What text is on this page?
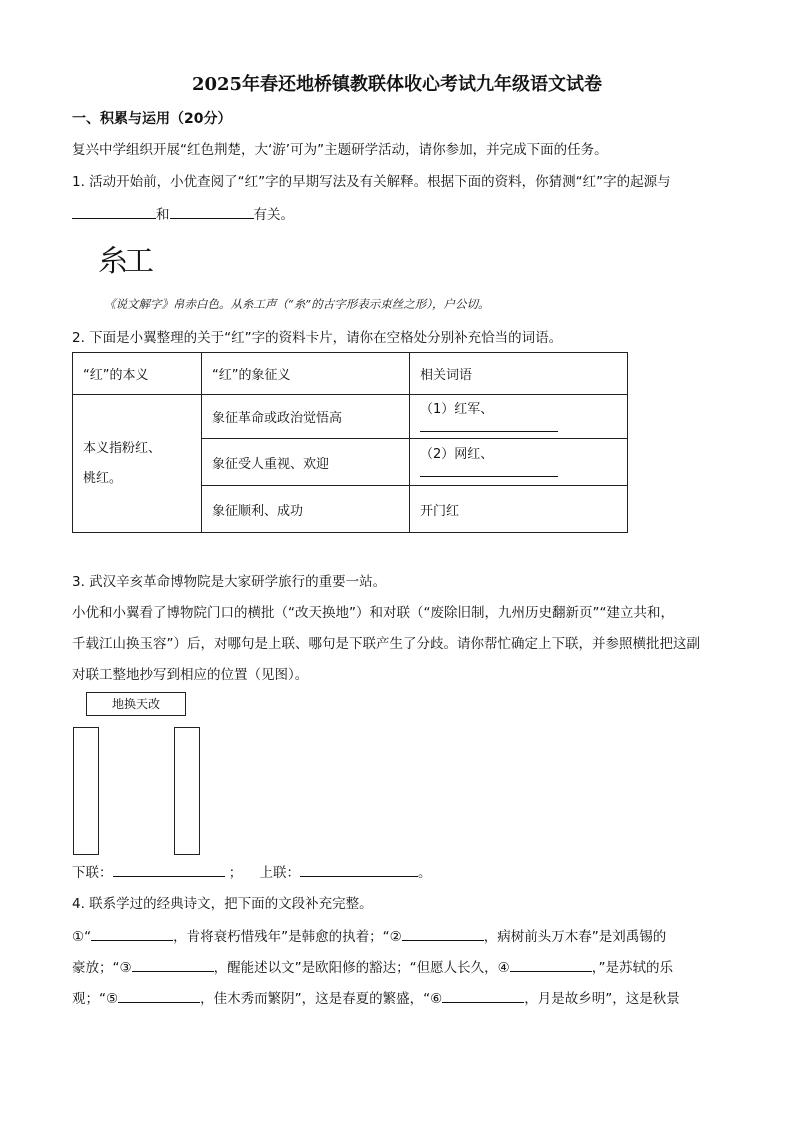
2025年春还地桥镇教联体收心考试九年级语文试卷
一、积累与运用（20分）
复兴中学组织开展“红色荆楚，大‘游’可为”主题研学活动，请你参加，并完成下面的任务。
1. 活动开始前，小优查阅了“红”字的早期写法及有关解释。根据下面的资料，你猜测“红”字的起源与
和	有关。
糸工
《说文解字》帛赤白色。从糸工声（“糸”的古字形表示束丝之形），户公切。
2. 下面是小翼整理的关于“红”字的资料卡片，请你在空格处分别补充恰当的词语。
“红”的本义	“红”的象征义	相关词语

本义指粉红、
桃红。	象征革命或政治觉悟高	（1）红军、
	象征受人重视、欢迎	（2）网红、
	象征顺利、成功	开门红
3. 武汉辛亥革命博物院是大家研学旅行的重要一站。
小优和小翼看了博物院门口的横批（“改天换地”）和对联（“废除旧制，九州历史翻新页”“建立共和，
千载江山换玉容”）后，对哪句是上联、哪句是下联产生了分歧。请你帮忙确定上下联，并参照横批把这副
对联工整地抄写到相应的位置（见图）。
地换天改
下联：	； 上联：	。
4. 联系学过的经典诗文，把下面的文段补充完整。
①“	，肯将衰朽惜残年”是韩愈的执着；“②	，病树前头万木春”是刘禹锡的
豪放；“③	，醒能述以文”是欧阳修的豁达；“但愿人长久，④	，”是苏轼的乐
观；“⑤	，佳木秀而繁阴”，这是春夏的繁盛，“⑥	，月是故乡明”，这是秋景
